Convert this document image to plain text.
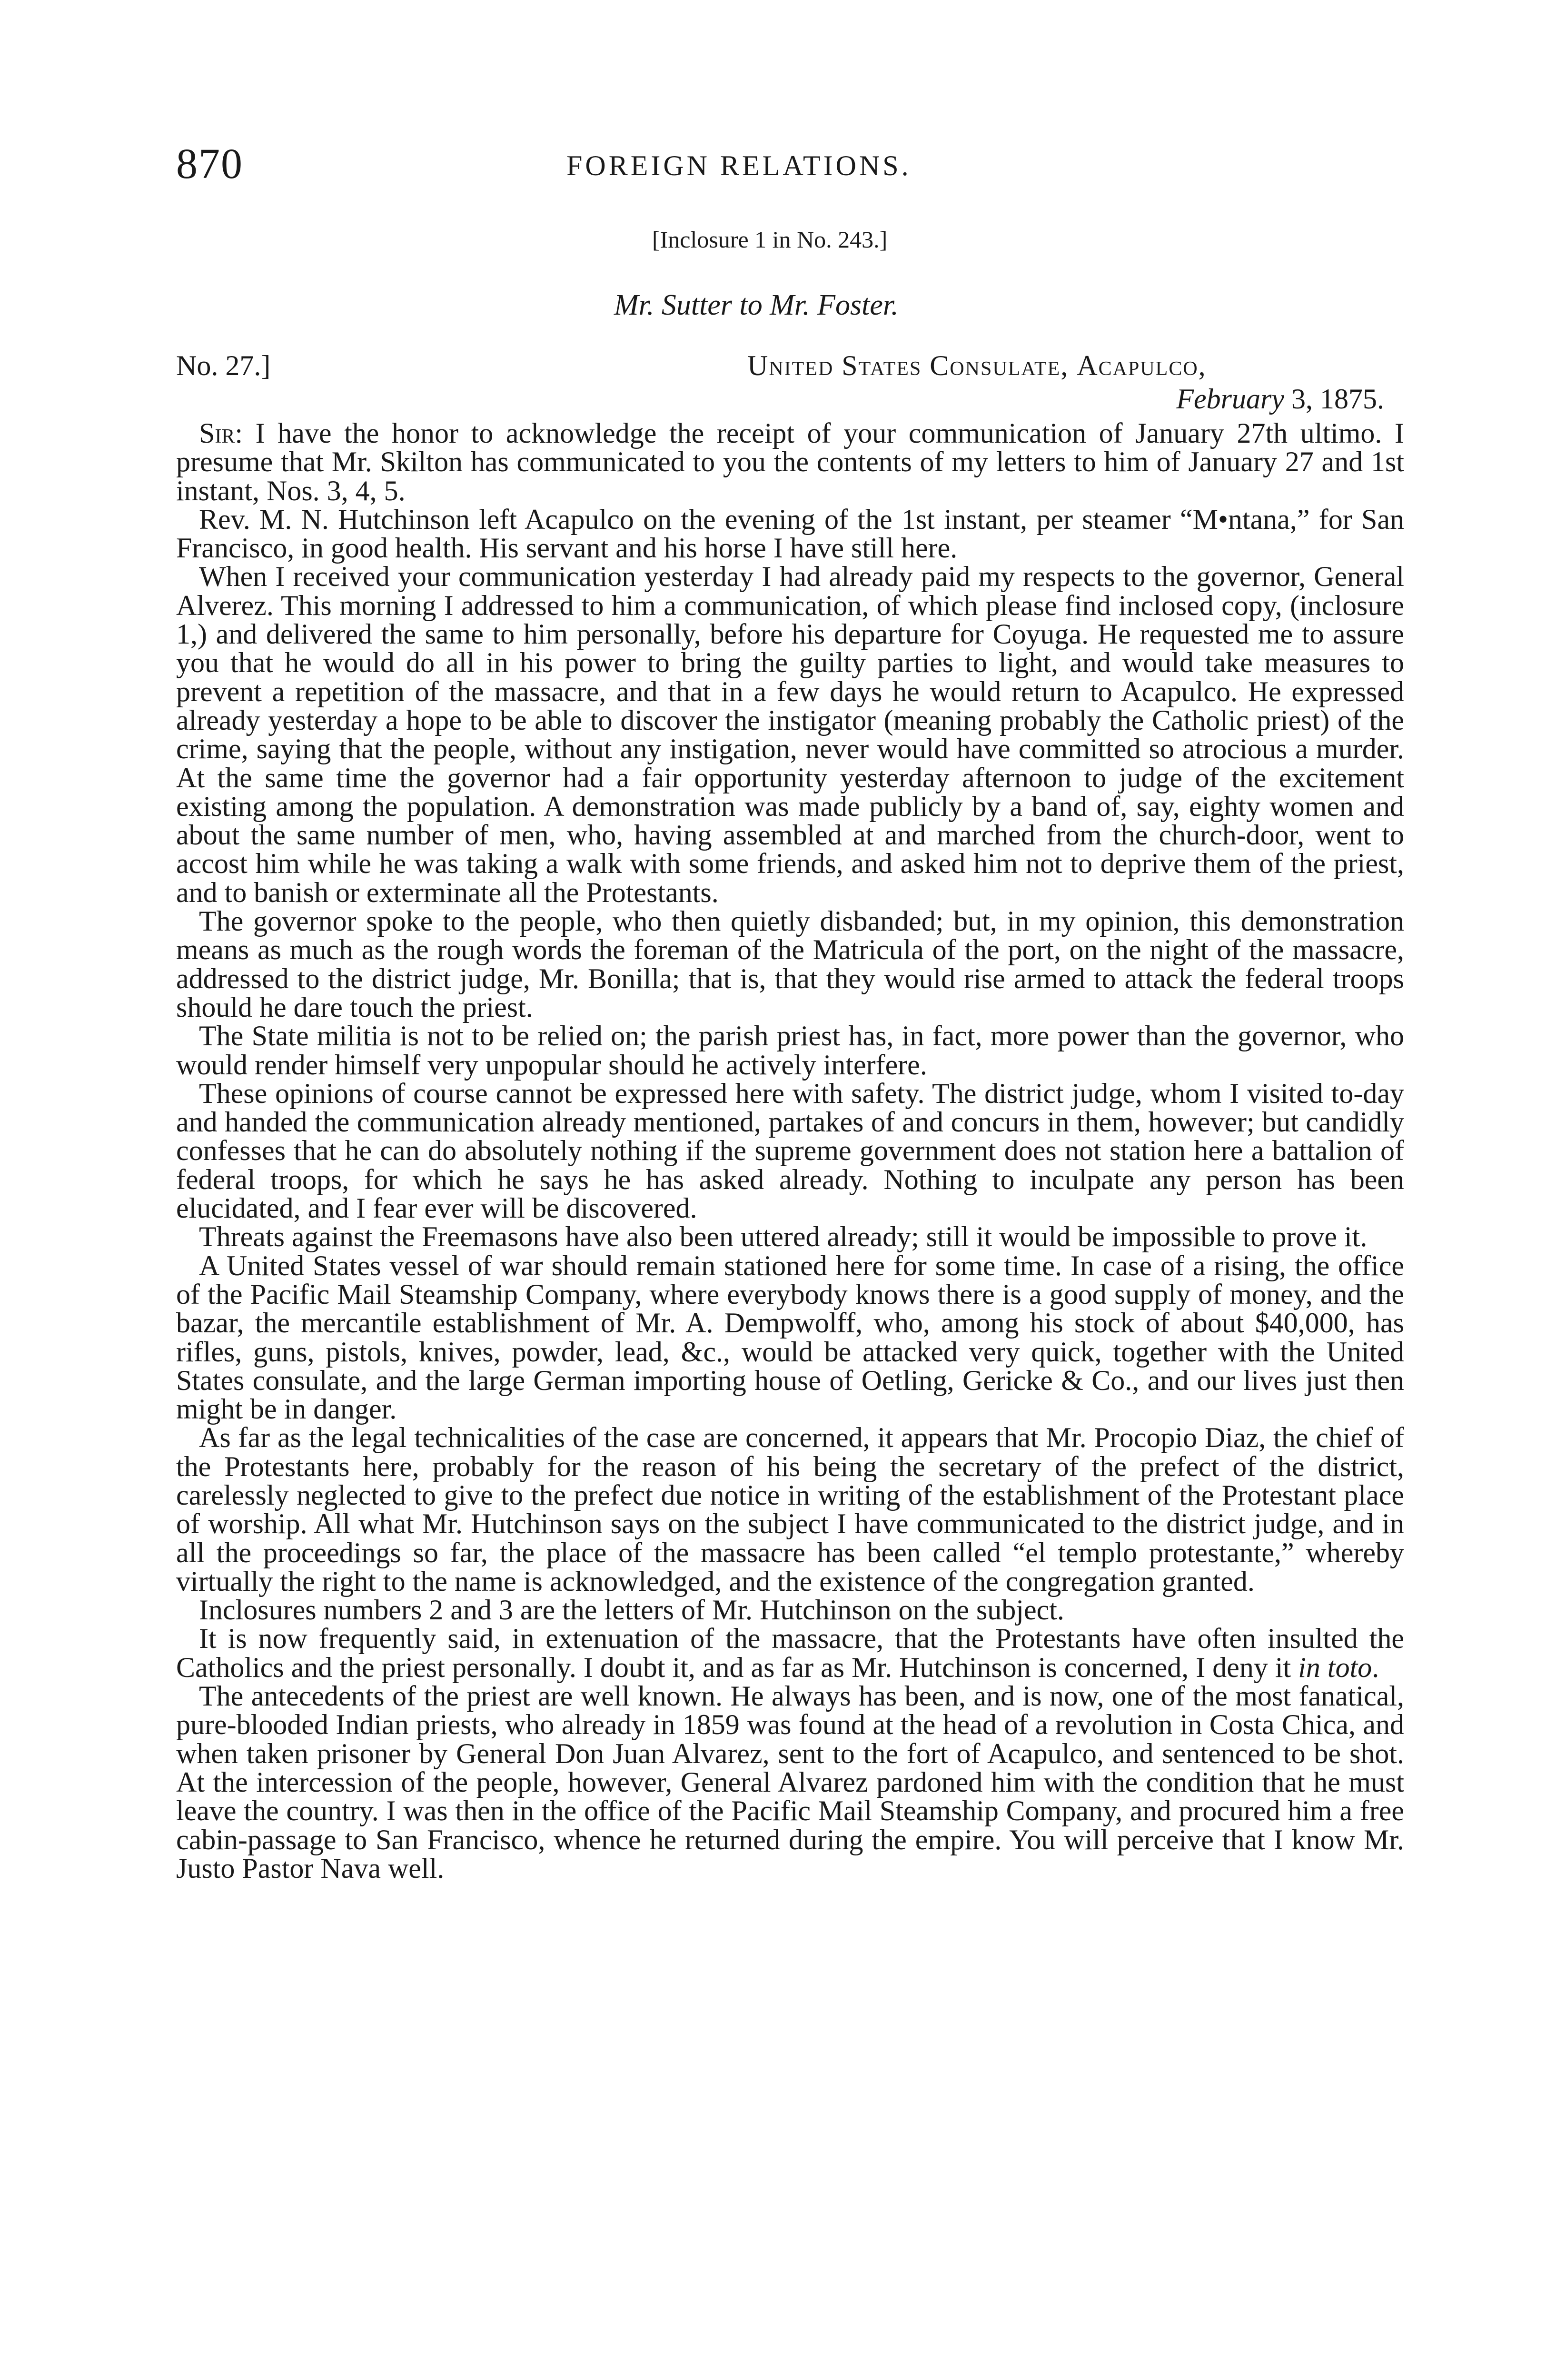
870	FOREIGN RELATIONS.
[Inclosure 1 in No. 243.]
Mr. Sutter to Mr. Foster.
No. 27.]	United States Consulate, Acapulco,
February 3, 1875.

Sir: I have the honor to acknowledge the receipt of your communication of January 27th ultimo. I presume that Mr. Skilton has communicated to you the contents of my letters to him of January 27 and 1st instant, Nos. 3, 4, 5.

Rev. M. N. Hutchinson left Acapulco on the evening of the 1st instant, per steamer “M•ntana,” for San Francisco, in good health. His servant and his horse I have still here.

When I received your communication yesterday I had already paid my respects to the governor, General Alverez. This morning I addressed to him a communication, of which please find inclosed copy, (inclosure 1,) and delivered the same to him personally, before his departure for Coyuga. He requested me to assure you that he would do all in his power to bring the guilty parties to light, and would take measures to prevent a repetition of the massacre, and that in a few days he would return to Acapulco. He expressed already yesterday a hope to be able to discover the instigator (meaning probably the Catholic priest) of the crime, saying that the people, without any instigation, never would have committed so atrocious a murder. At the same time the governor had a fair opportunity yesterday afternoon to judge of the excitement existing among the population. A demonstration was made publicly by a band of, say, eighty women and about the same number of men, who, having assembled at and marched from the church-door, went to accost him while he was taking a walk with some friends, and asked him not to deprive them of the priest, and to banish or exterminate all the Protestants.

The governor spoke to the people, who then quietly disbanded; but, in my opinion, this demonstration means as much as the rough words the foreman of the Matricula of the port, on the night of the massacre, addressed to the district judge, Mr. Bonilla; that is, that they would rise armed to attack the federal troops should he dare touch the priest.

The State militia is not to be relied on; the parish priest has, in fact, more power than the governor, who would render himself very unpopular should he actively interfere.

These opinions of course cannot be expressed here with safety. The district judge, whom I visited to-day and handed the communication already mentioned, partakes of and concurs in them, however; but candidly confesses that he can do absolutely nothing if the supreme government does not station here a battalion of federal troops, for which he says he has asked already. Nothing to inculpate any person has been elucidated, and I fear ever will be discovered.

Threats against the Freemasons have also been uttered already; still it would be impossible to prove it.

A United States vessel of war should remain stationed here for some time. In case of a rising, the office of the Pacific Mail Steamship Company, where everybody knows there is a good supply of money, and the bazar, the mercantile establishment of Mr. A. Dempwolff, who, among his stock of about $40,000, has rifles, guns, pistols, knives, powder, lead, &c., would be attacked very quick, together with the United States consulate, and the large German importing house of Oetling, Gericke & Co., and our lives just then might be in danger.

As far as the legal technicalities of the case are concerned, it appears that Mr. Procopio Diaz, the chief of the Protestants here, probably for the reason of his being the secretary of the prefect of the district, carelessly neglected to give to the prefect due notice in writing of the establishment of the Protestant place of worship. All what Mr. Hutchinson says on the subject I have communicated to the district judge, and in all the proceedings so far, the place of the massacre has been called “el templo protestante,” whereby virtually the right to the name is acknowledged, and the existence of the congregation granted.

Inclosures numbers 2 and 3 are the letters of Mr. Hutchinson on the subject.

It is now frequently said, in extenuation of the massacre, that the Protestants have often insulted the Catholics and the priest personally. I doubt it, and as far as Mr. Hutchinson is concerned, I deny it in toto.

The antecedents of the priest are well known. He always has been, and is now, one of the most fanatical, pure-blooded Indian priests, who already in 1859 was found at the head of a revolution in Costa Chica, and when taken prisoner by General Don Juan Alvarez, sent to the fort of Acapulco, and sentenced to be shot. At the intercession of the people, however, General Alvarez pardoned him with the condition that he must leave the country. I was then in the office of the Pacific Mail Steamship Company, and procured him a free cabin-passage to San Francisco, whence he returned during the empire. You will perceive that I know Mr. Justo Pastor Nava well.
